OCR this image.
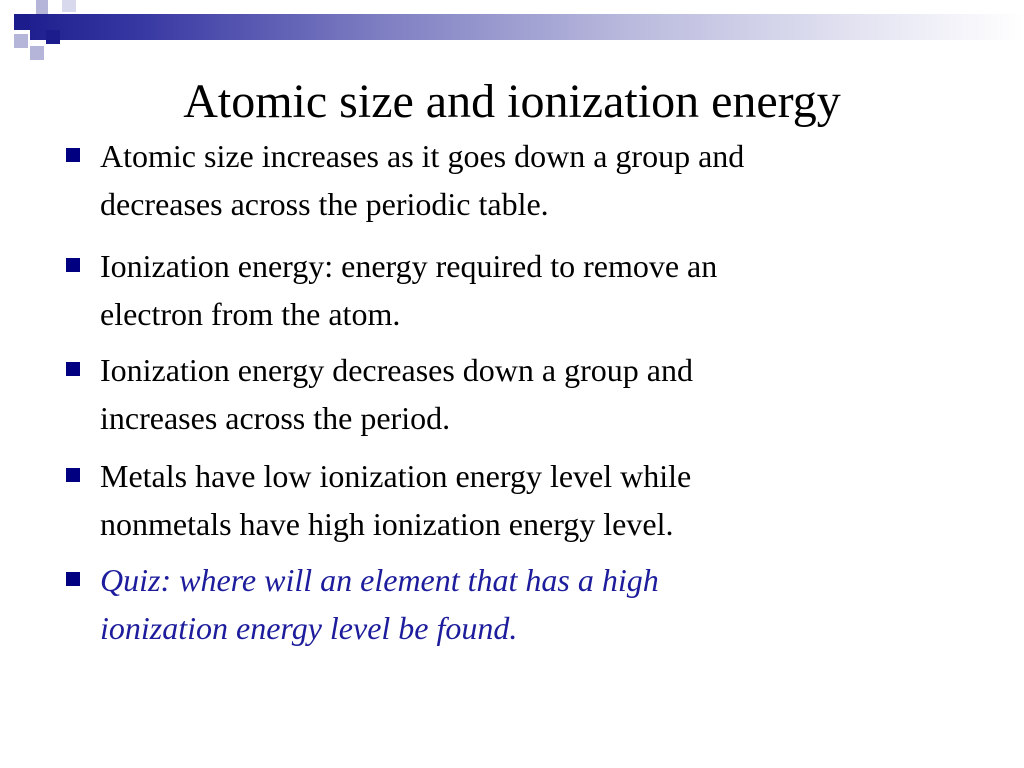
Atomic size and ionization energy
Atomic size increases as it goes down a group and
decreases across the periodic table.
Ionization energy: energy required to remove an
electron from the atom.
Ionization energy decreases down a group and
increases across the period.
Metals have low ionization energy level while
nonmetals have high ionization energy level.
Quiz: where will an element that has a high
ionization energy level be found.
